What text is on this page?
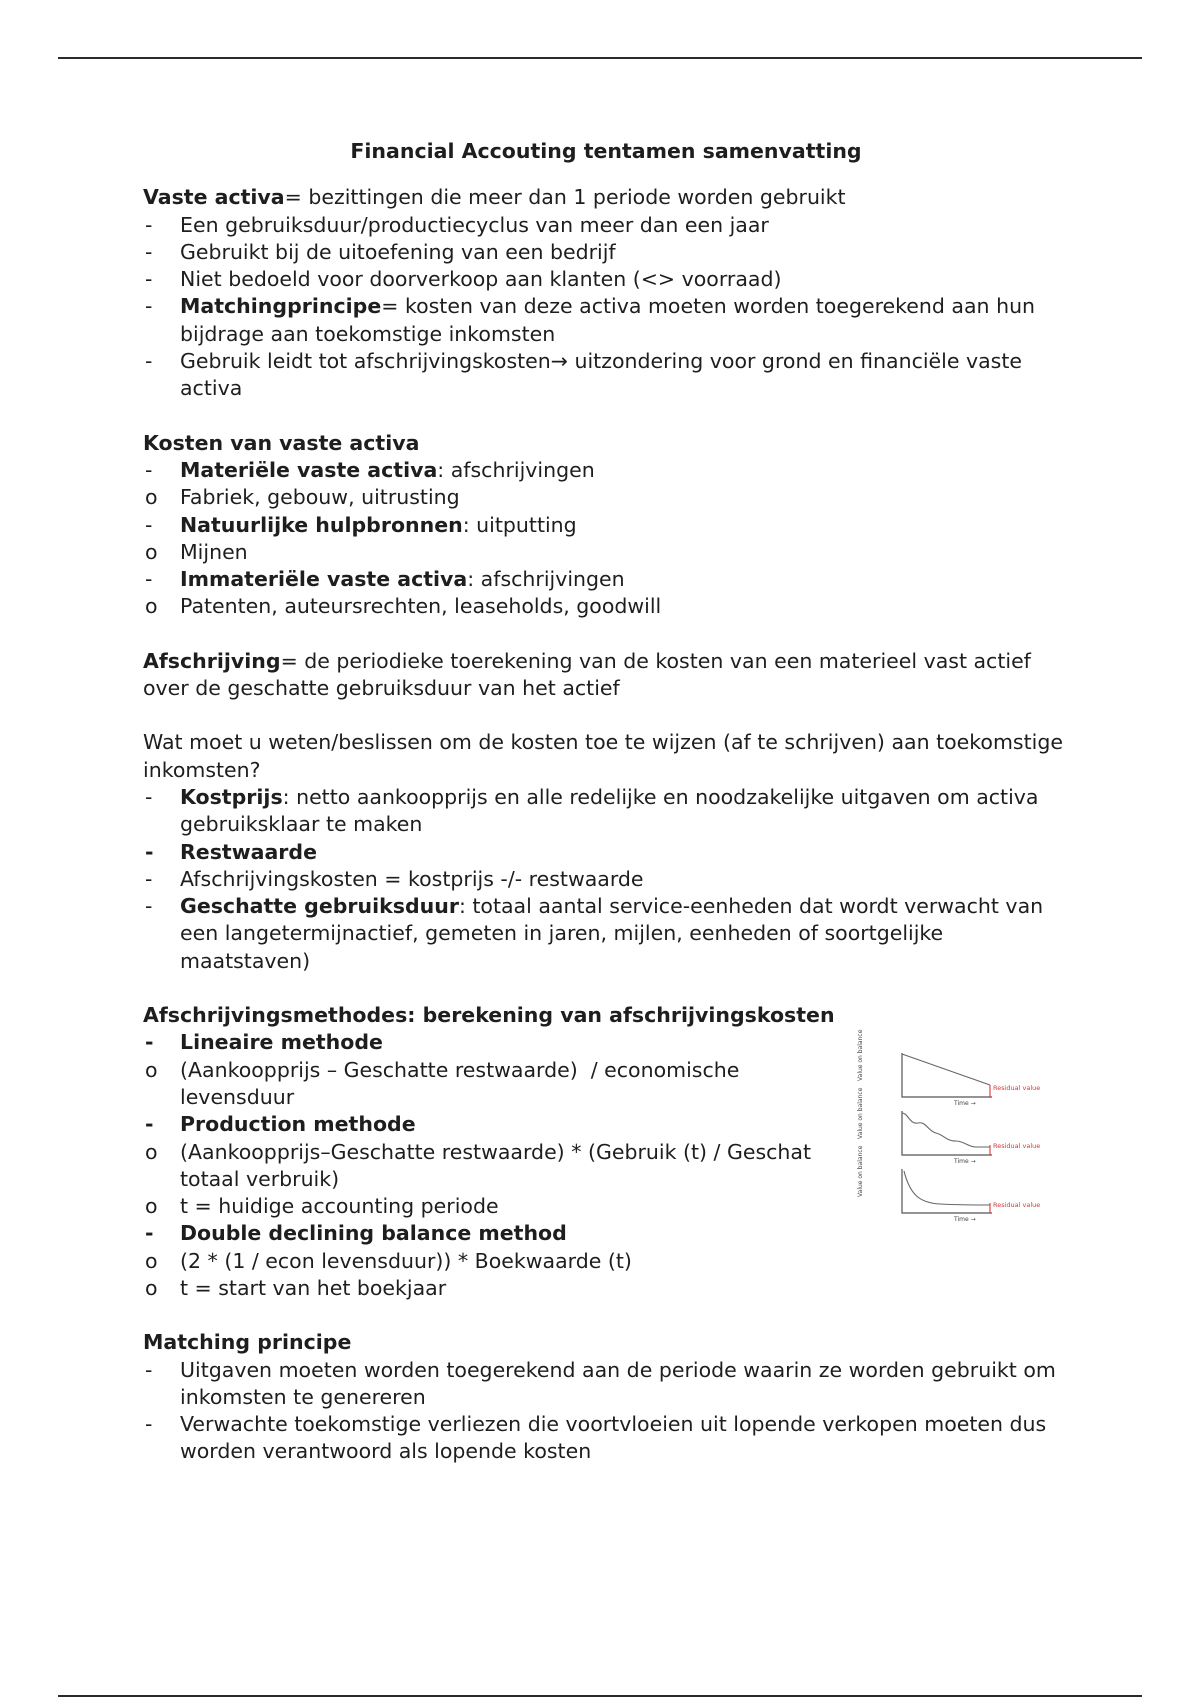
Financial Accouting tentamen samenvatting

Vaste activa= bezittingen die meer dan 1 periode worden gebruikt

-	Een gebruiksduur/productiecyclus van meer dan een jaar
-	Gebruikt bij de uitoefening van een bedrijf
-	Niet bedoeld voor doorverkoop aan klanten (<> voorraad)
-	Matchingprincipe= kosten van deze activa moeten worden toegerekend aan hun bijdrage aan toekomstige inkomsten
-	Gebruik leidt tot afschrijvingskosten→ uitzondering voor grond en financiële vaste activa

Kosten van vaste activa

-	Materiële vaste activa: afschrijvingen
o	Fabriek, gebouw, uitrusting
-	Natuurlijke hulpbronnen: uitputting
o	Mijnen
-	Immateriële vaste activa: afschrijvingen
o	Patenten, auteursrechten, leaseholds, goodwill

Afschrijving= de periodieke toerekening van de kosten van een materieel vast actief over de geschatte gebruiksduur van het actief

Wat moet u weten/beslissen om de kosten toe te wijzen (af te schrijven) aan toekomstige inkomsten?

-	Kostprijs: netto aankoopprijs en alle redelijke en noodzakelijke uitgaven om activa gebruiksklaar te maken
-	Restwaarde
-	Afschrijvingskosten = kostprijs -/- restwaarde
-	Geschatte gebruiksduur: totaal aantal service-eenheden dat wordt verwacht van een langetermijnactief, gemeten in jaren, mijlen, eenheden of soortgelijke maatstaven)

Afschrijvingsmethodes: berekening van afschrijvingskosten

-	Lineaire methode
o	(Aankoopprijs – Geschatte restwaarde)  / economische levensduur
-	Production methode
o	(Aankoopprijs–Geschatte restwaarde) * (Gebruik (t) / Geschat totaal verbruik)
o	t = huidige accounting periode
-	Double declining balance method
o	(2 * (1 / econ levensduur)) * Boekwaarde (t)
o	t = start van het boekjaar

Matching principe

-	Uitgaven moeten worden toegerekend aan de periode waarin ze worden gebruikt om inkomsten te genereren
-	Verwachte toekomstige verliezen die voortvloeien uit lopende verkopen moeten dus worden verantwoord als lopende kosten
Value on balance
Residual value
Time →
Value on balance
Residual value
Time →
Value on balance
Residual value
Time →
